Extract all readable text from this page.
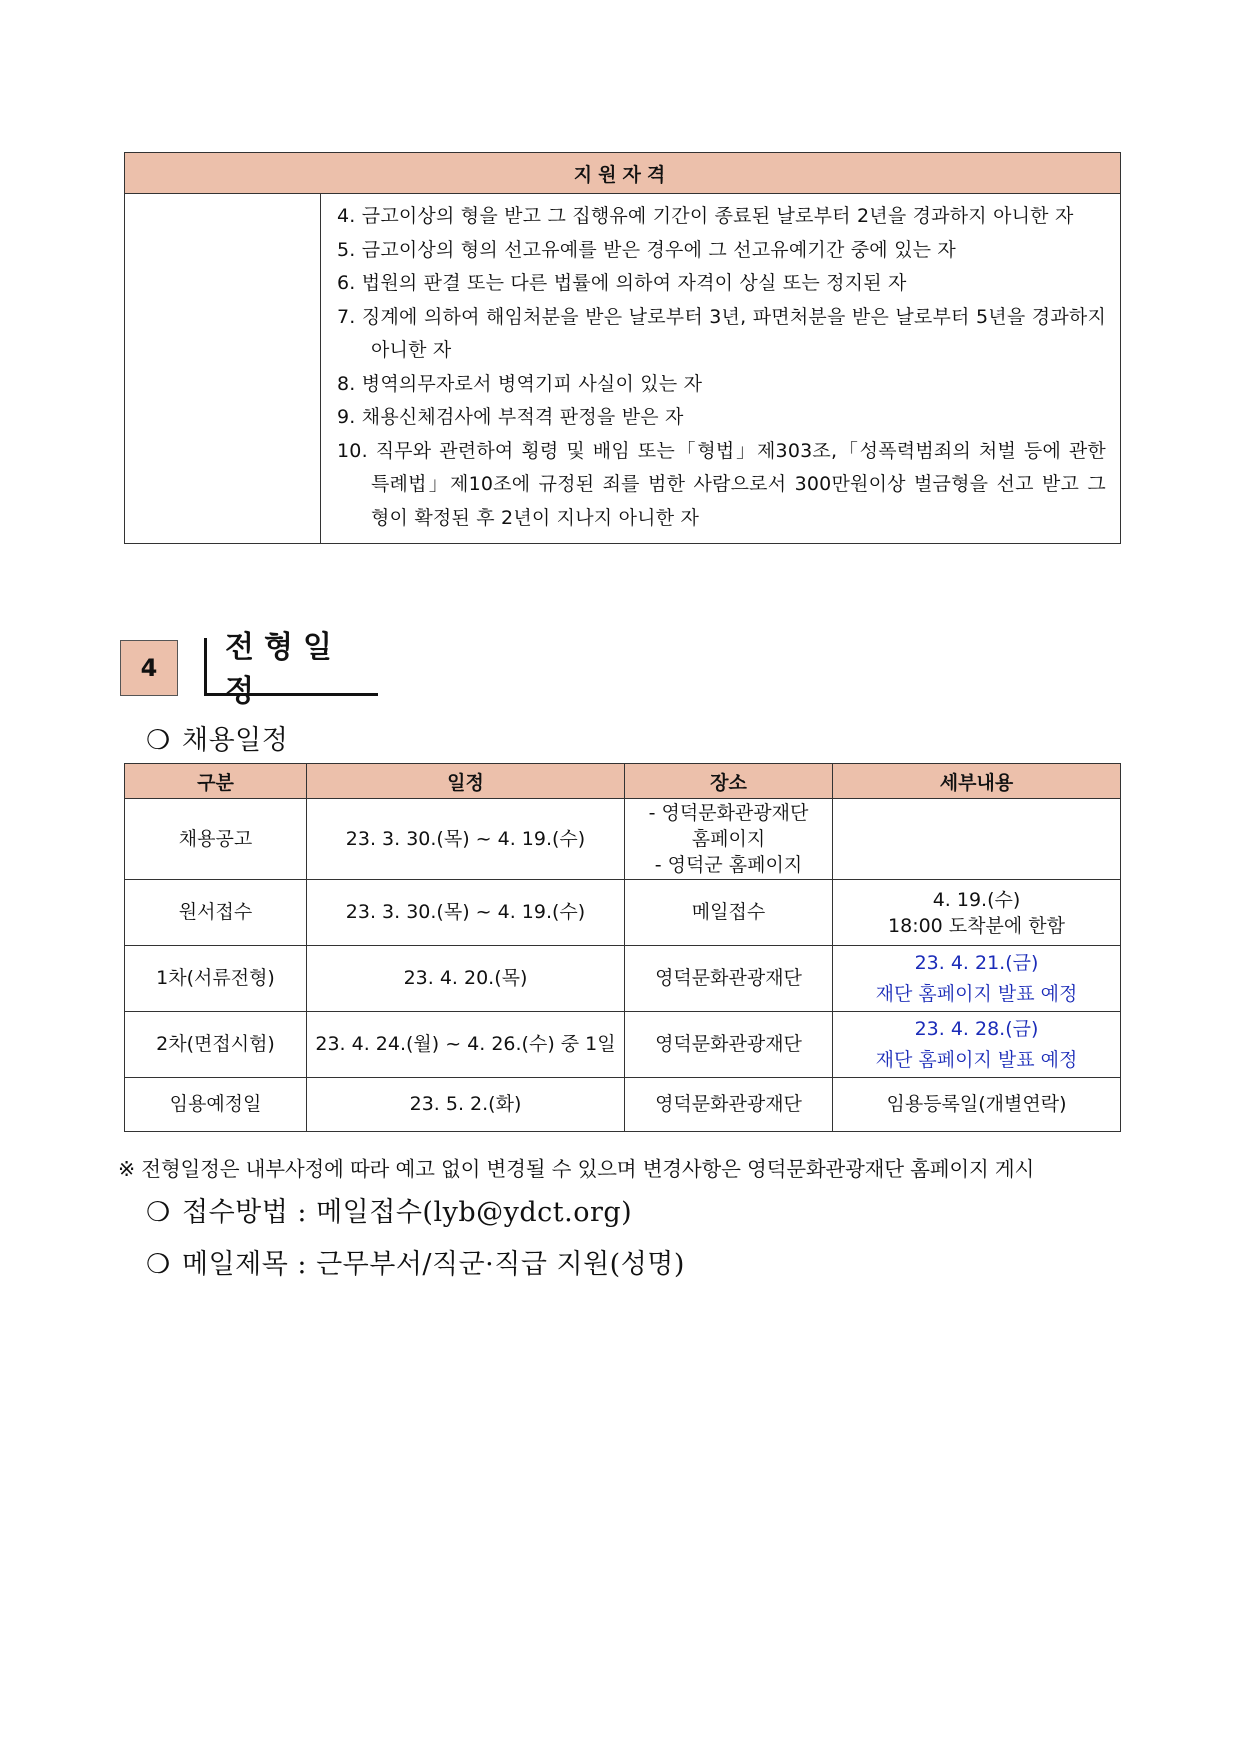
지원자격

4. 금고이상의 형을 받고 그 집행유예 기간이 종료된 날로부터 2년을 경과하지 아니한 자
5. 금고이상의 형의 선고유예를 받은 경우에 그 선고유예기간 중에 있는 자
6. 법원의 판결 또는 다른 법률에 의하여 자격이 상실 또는 정지된 자
7. 징계에 의하여 해임처분을 받은 날로부터 3년, 파면처분을 받은 날로부터 5년을 경과하지 아니한 자
8. 병역의무자로서 병역기피 사실이 있는 자
9. 채용신체검사에 부적격 판정을 받은 자
10. 직무와 관련하여 횡령 및 배임 또는「형법」제303조,「성폭력범죄의 처벌 등에 관한 특례법」제10조에 규정된 죄를 범한 사람으로서 300만원이상 벌금형을 선고 받고 그 형이 확정된 후 2년이 지나지 아니한 자
4
전형일정
❍ 채용일정
구분	일정	장소	세부내용
채용공고	23. 3. 30.(목) ~ 4. 19.(수)	- 영덕문화관광재단
홈페이지
- 영덕군 홈페이지	

원서접수	23. 3. 30.(목) ~ 4. 19.(수)	메일접수	4. 19.(수)
18:00 도착분에 한함

1차(서류전형)	23. 4. 20.(목)	영덕문화관광재단	23. 4. 21.(금)
재단 홈페이지 발표 예정

2차(면접시험)	23. 4. 24.(월) ~ 4. 26.(수) 중 1일	영덕문화관광재단	23. 4. 28.(금)
재단 홈페이지 발표 예정

임용예정일	23. 5. 2.(화)	영덕문화관광재단	임용등록일(개별연락)
※ 전형일정은 내부사정에 따라 예고 없이 변경될 수 있으며 변경사항은 영덕문화관광재단 홈페이지 게시
❍ 접수방법 : 메일접수(lyb@ydct.org)
❍ 메일제목 : 근무부서/직군·직급 지원(성명)
